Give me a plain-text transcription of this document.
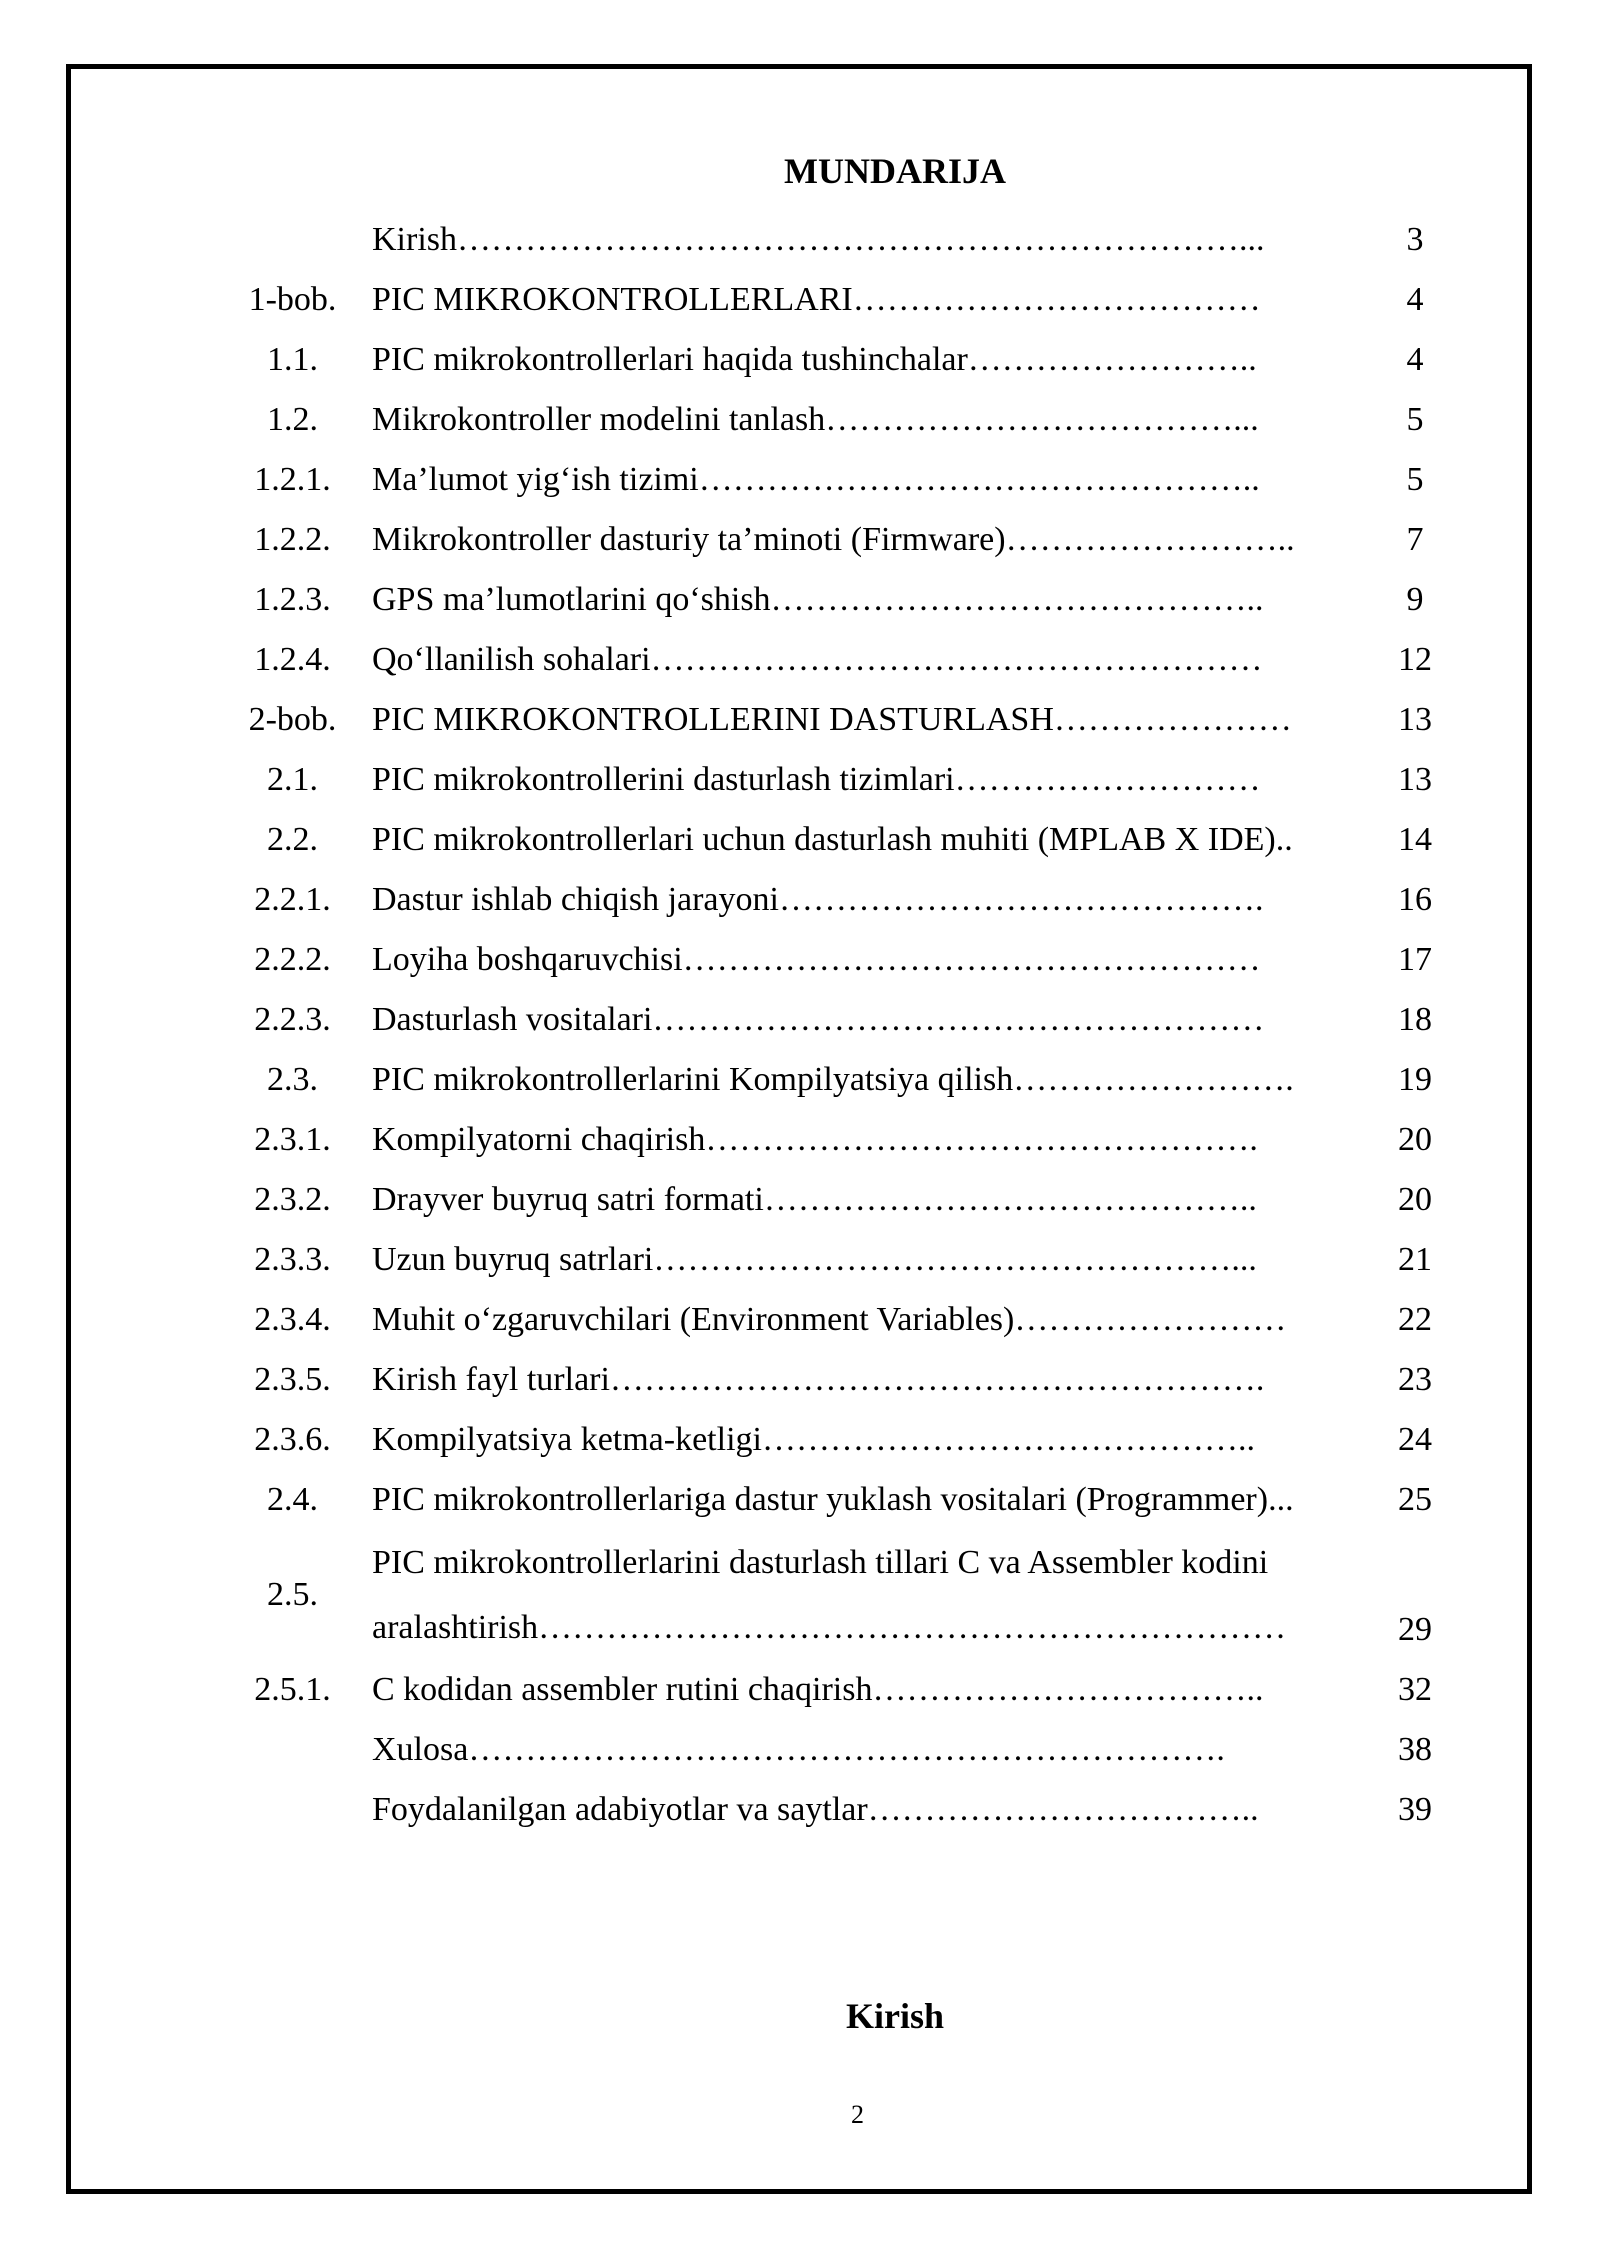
MUNDARIJA
Kirish……………………………………………………………...	3
1-bob.	PIC MIKROKONTROLLERLARI………………………………	4
1.1.	PIC mikrokontrollerlari haqida tushinchalar……………………..	4
1.2.	Mikrokontroller modelini tanlash………………………………...	5
1.2.1.	Ma’lumot yig‘ish tizimi…………………………………………..	5
1.2.2.	Mikrokontroller dasturiy ta’minoti (Firmware)……………………..	7
1.2.3.	GPS ma’lumotlarini qo‘shish……………………………………..	9
1.2.4.	Qo‘llanilish sohalari………………………………………………	12
2-bob.	PIC MIKROKONTROLLERINI DASTURLASH…………………	13
2.1.	PIC mikrokontrollerini dasturlash tizimlari………………………	13
2.2.	PIC mikrokontrollerlari uchun dasturlash muhiti (MPLAB X IDE)..	14
2.2.1.	Dastur ishlab chiqish jarayoni…………………………………….	16
2.2.2.	Loyiha boshqaruvchisi……………………………………………	17
2.2.3.	Dasturlash vositalari………………………………………………	18
2.3.	PIC mikrokontrollerlarini Kompilyatsiya qilish…………………….	19
2.3.1.	Kompilyatorni chaqirish………………………………………….	20
2.3.2.	Drayver buyruq satri formati……………………………………..	20
2.3.3.	Uzun buyruq satrlari……………………………………………...	21
2.3.4.	Muhit o‘zgaruvchilari (Environment Variables)……………………	22
2.3.5.	Kirish fayl turlari………………………………………………….	23
2.3.6.	Kompilyatsiya ketma-ketligi……………………………………..	24
2.4.	PIC mikrokontrollerlariga dastur yuklash vositalari (Programmer)...	25
2.5.
PIC mikrokontrollerlarini dasturlash tillari C va Assembler kodini aralashtirish…………………………………………………………	29
2.5.1.	C kodidan assembler rutini chaqirish……………………………..	32
Xulosa………………………………………………………….	38
Foydalanilgan adabiyotlar va saytlar……………………………..	39
Kirish
2
